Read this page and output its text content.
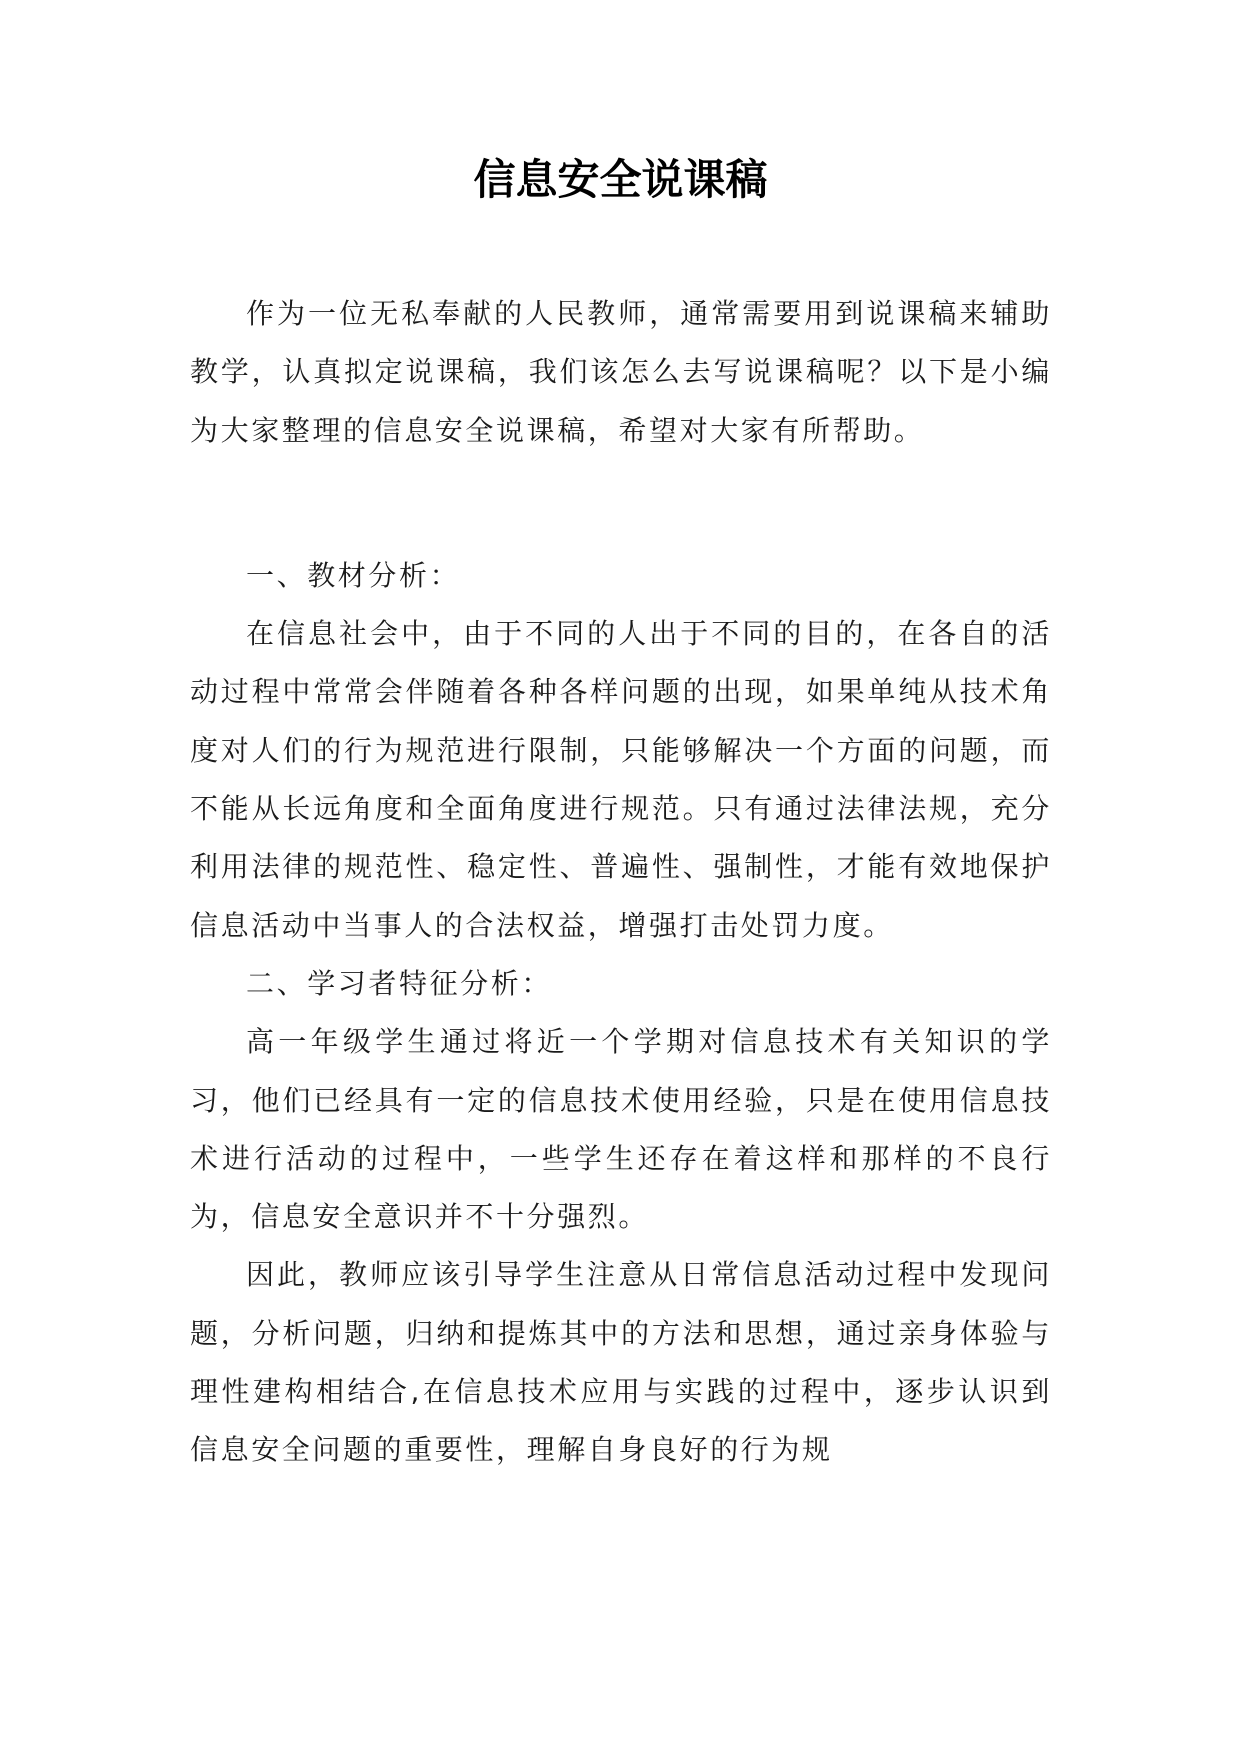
信息安全说课稿

作为一位无私奉献的人民教师，通常需要用到说课稿来辅助教学，认真拟定说课稿，我们该怎么去写说课稿呢？以下是小编为大家整理的信息安全说课稿，希望对大家有所帮助。

一、教材分析：

在信息社会中，由于不同的人出于不同的目的，在各自的活动过程中常常会伴随着各种各样问题的出现，如果单纯从技术角度对人们的行为规范进行限制，只能够解决一个方面的问题，而不能从长远角度和全面角度进行规范。只有通过法律法规，充分利用法律的规范性、稳定性、普遍性、强制性，才能有效地保护信息活动中当事人的合法权益，增强打击处罚力度。

二、学习者特征分析：

高一年级学生通过将近一个学期对信息技术有关知识的学习，他们已经具有一定的信息技术使用经验，只是在使用信息技术进行活动的过程中，一些学生还存在着这样和那样的不良行为，信息安全意识并不十分强烈。

因此，教师应该引导学生注意从日常信息活动过程中发现问题，分析问题，归纳和提炼其中的方法和思想，通过亲身体验与理性建构相结合,在信息技术应用与实践的过程中，逐步认识到信息安全问题的重要性，理解自身良好的行为规
